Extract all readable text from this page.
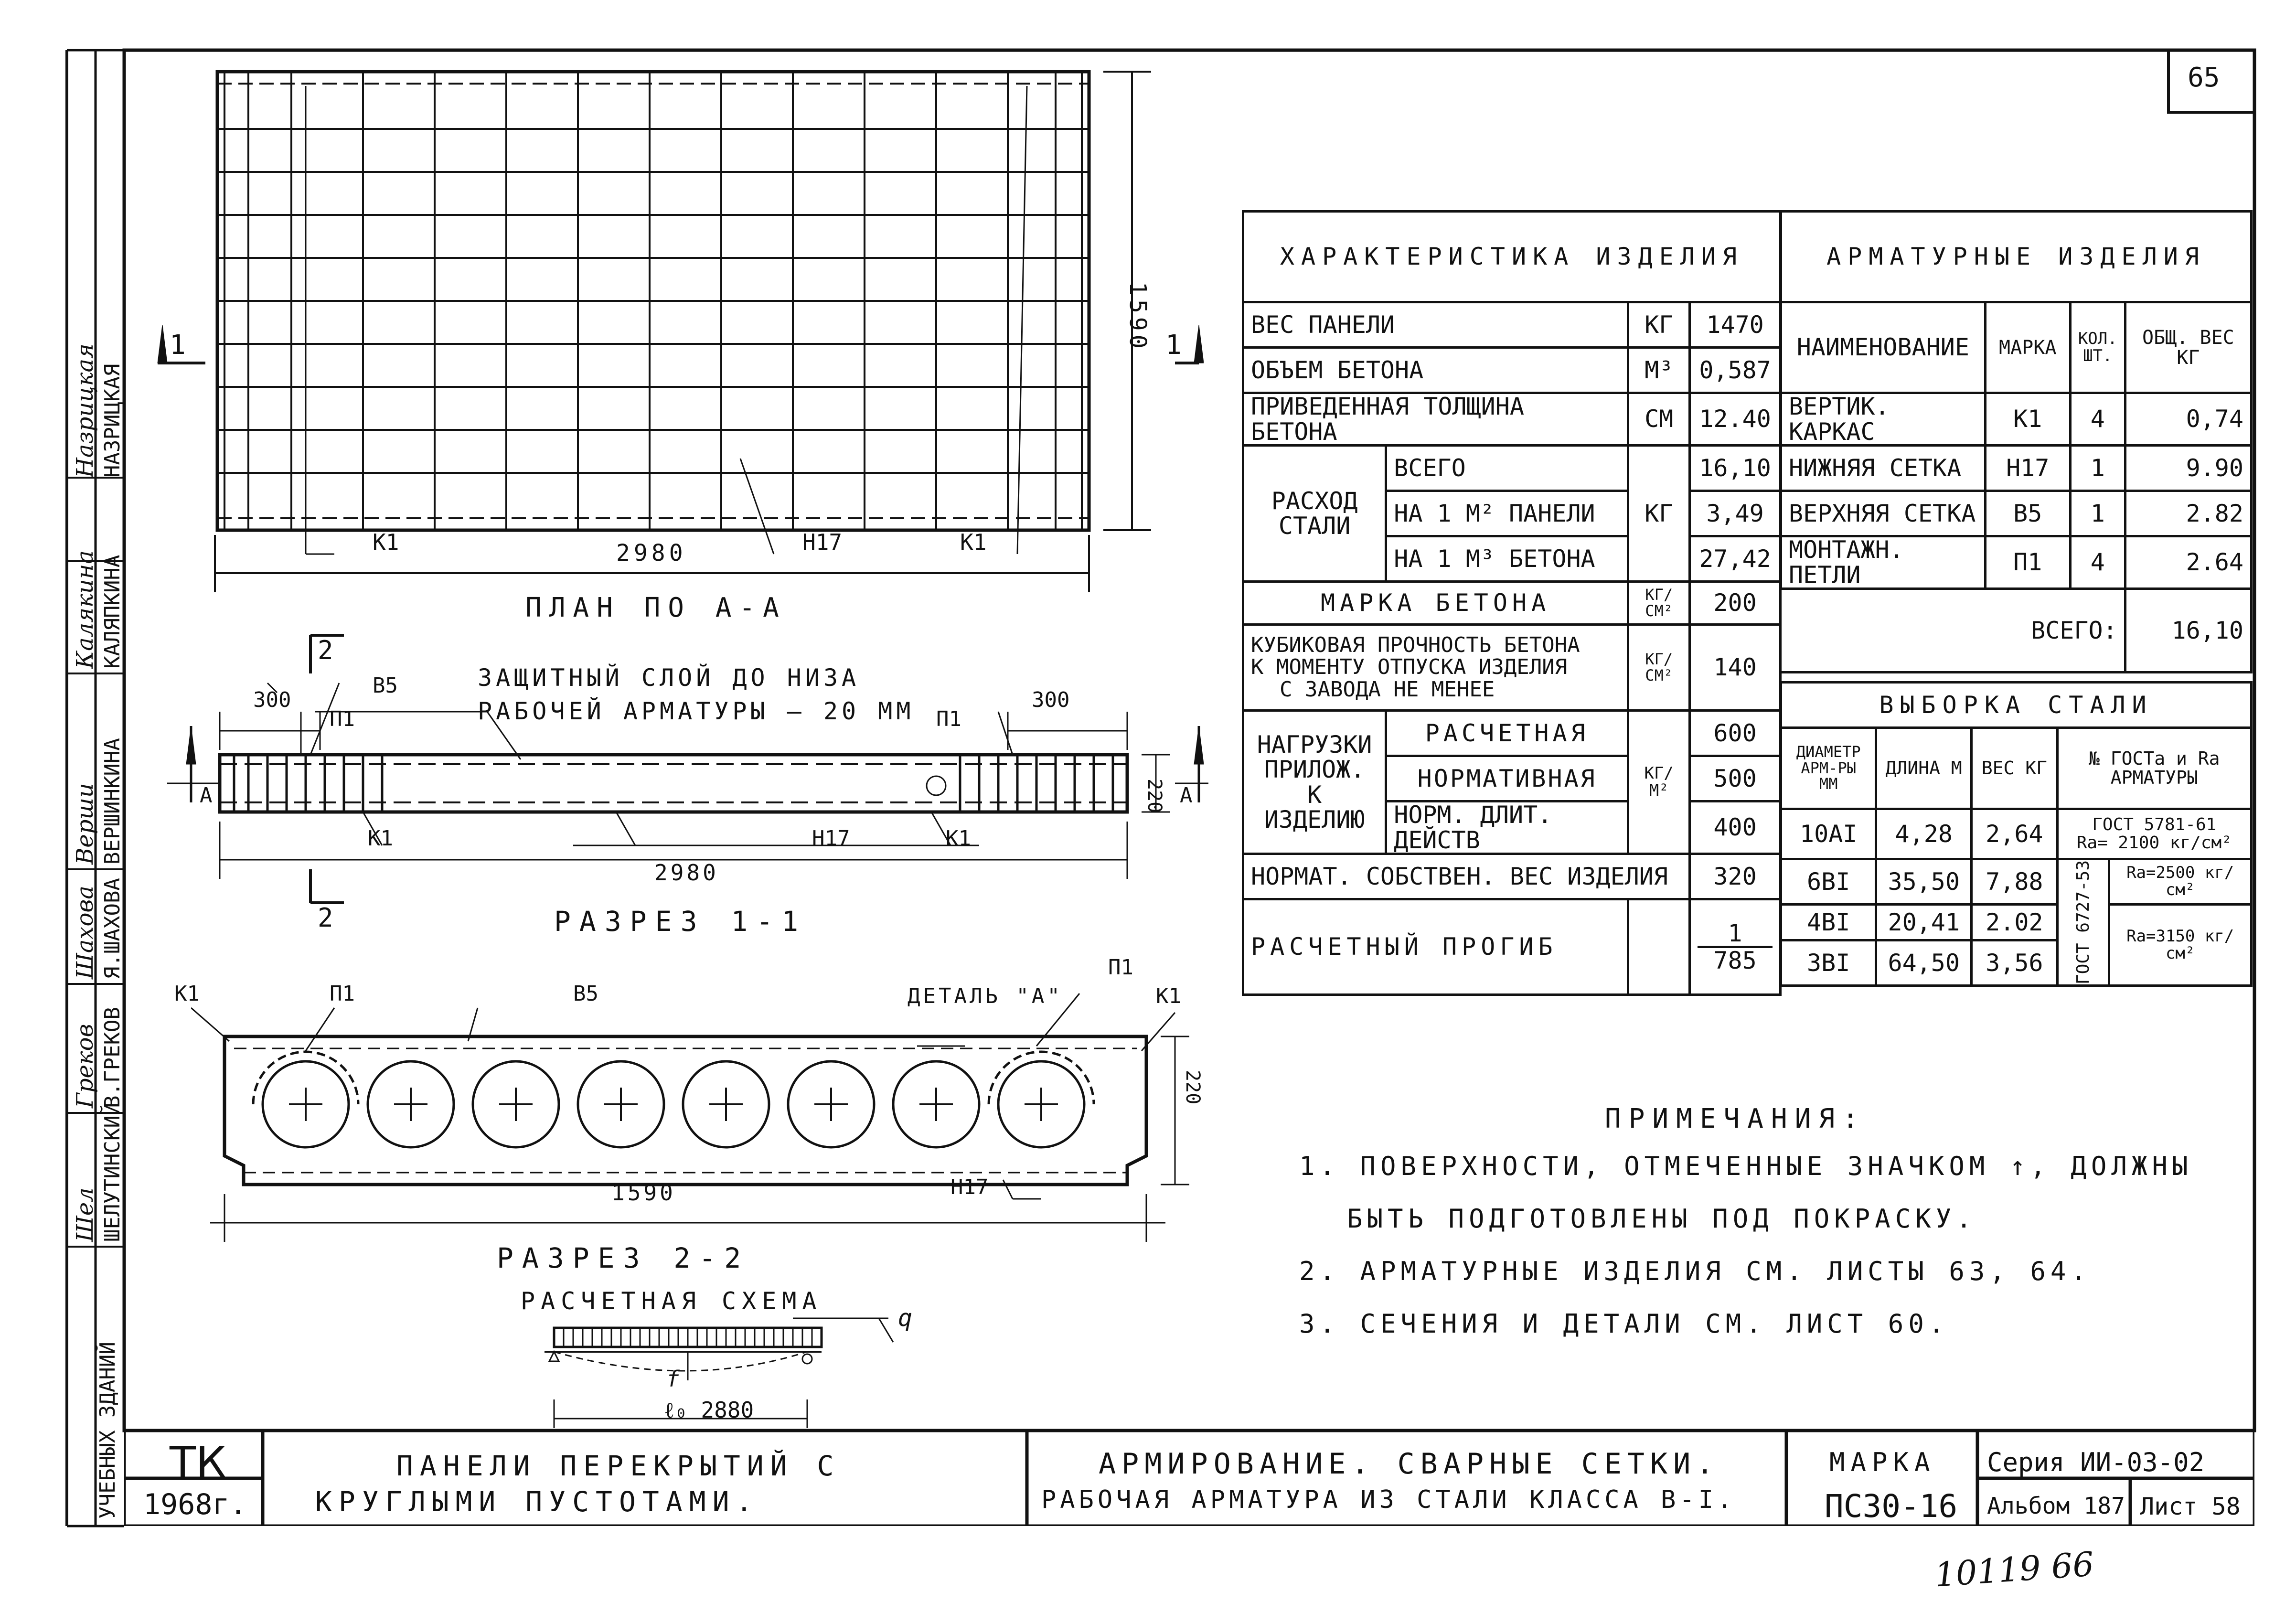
65
НАЗРИЦКАЯ
Назрицкая
КАЛЯПКИНА
Калякина
ВЕРШИНКИНА
Верши
Я.ШАХОВА
Шахова
В.ГРЕКОВ
Греков
ШЕЛУТИНСКИЙ
Шел
УЧЕБНЫХ ЗДАНИЙ
K1	Н17	К1
2980
1590
1	1
ПЛАН ПО А-А
ЗАЩИТНЫЙ СЛОЙ ДО НИЗА
РАБОЧЕЙ АРМАТУРЫ – 20 ММ
300	300
В5
П1	П1
К1	Н17	К1
2980
220
А	А
2
2	РАЗРЕЗ 1-1
К1	П1	В5	ДЕТАЛЬ "А"
П1
К1
Н17
1590
220
РАЗРЕЗ 2-2
РАСЧЕТНАЯ СХЕМА
q
f
ℓ₀ 2880
ХАРАКТЕРИСТИКА ИЗДЕЛИЯ			
ВЕС ПАНЕЛИ		КГ	1470
ОБЪЕМ БЕТОНА		М³	0,587
ПРИВЕДЕННАЯ ТОЛЩИНА БЕТОНА		СМ	12.40
РАСХОД СТАЛИ	ВСЕГО	КГ	16,10
	НА 1 М² ПАНЕЛИ		3,49
	НА 1 М³ БЕТОНА		27,42
МАРКА БЕТОНА		КГ/СМ²	200

КУБИКОВАЯ ПРОЧНОСТЬ БЕТОНА
К МОМЕНТУ ОТПУСКА ИЗДЕЛИЯ
С ЗАВОДА НЕ МЕНЕЕ		КГ/СМ²	140
НАГРУЗКИ ПРИЛОЖ. К ИЗДЕЛИЮ	РАСЧЕТНАЯ	КГ/М²	600
	НОРМАТИВНАЯ		500
	НОРМ. ДЛИТ. ДЕЙСТВ		400
НОРМАТ. СОБСТВЕН. ВЕС ИЗДЕЛИЯ			320
РАСЧЕТНЫЙ ПРОГИБ			1
785
АРМАТУРНЫЕ ИЗДЕЛИЯ			
НАИМЕНОВАНИЕ	МАРКА	КОЛ. ШТ.	ОБЩ. ВЕС КГ
ВЕРТИК. КАРКАС	К1	4	0,74
НИЖНЯЯ СЕТКА	Н17	1	9.90
ВЕРХНЯЯ СЕТКА	В5	1	2.82
МОНТАЖН. ПЕТЛИ	П1	4	2.64
ВСЕГО:			16,10
ВЫБОРКА СТАЛИ				
ДИАМЕТР АРМ-РЫ ММ	ДЛИНА М	ВЕС КГ	№ ГОСТа и Ra АРМАТУРЫ	
10АI	4,28	2,64	ГОСТ 5781-61
Ra= 2100 кг/см²	

6ВI	35,50	7,88	ГОСТ 6727-53	Ra=2500 кг/см²
4ВI	20,41	2.02		Ra=3150 кг/см²
3ВI	64,50	3,56		
ПРИМЕЧАНИЯ:
1. ПОВЕРХНОСТИ, ОТМЕЧЕННЫЕ ЗНАЧКОМ ↑, ДОЛЖНЫ
БЫТЬ ПОДГОТОВЛЕНЫ ПОД ПОКРАСКУ.
2. АРМАТУРНЫЕ ИЗДЕЛИЯ СМ. ЛИСТЫ 63, 64.
3. СЕЧЕНИЯ И ДЕТАЛИ СМ. ЛИСТ 60.
ТК
1968г.
ПАНЕЛИ ПЕРЕКРЫТИЙ С
КРУГЛЫМИ ПУСТОТАМИ.
АРМИРОВАНИЕ. СВАРНЫЕ СЕТКИ.
РАБОЧАЯ АРМАТУРА ИЗ СТАЛИ КЛАССА В-I.
МАРКА
ПС30-16
Серия ИИ-03-02
Альбом 187 Лист 58
10119 66
